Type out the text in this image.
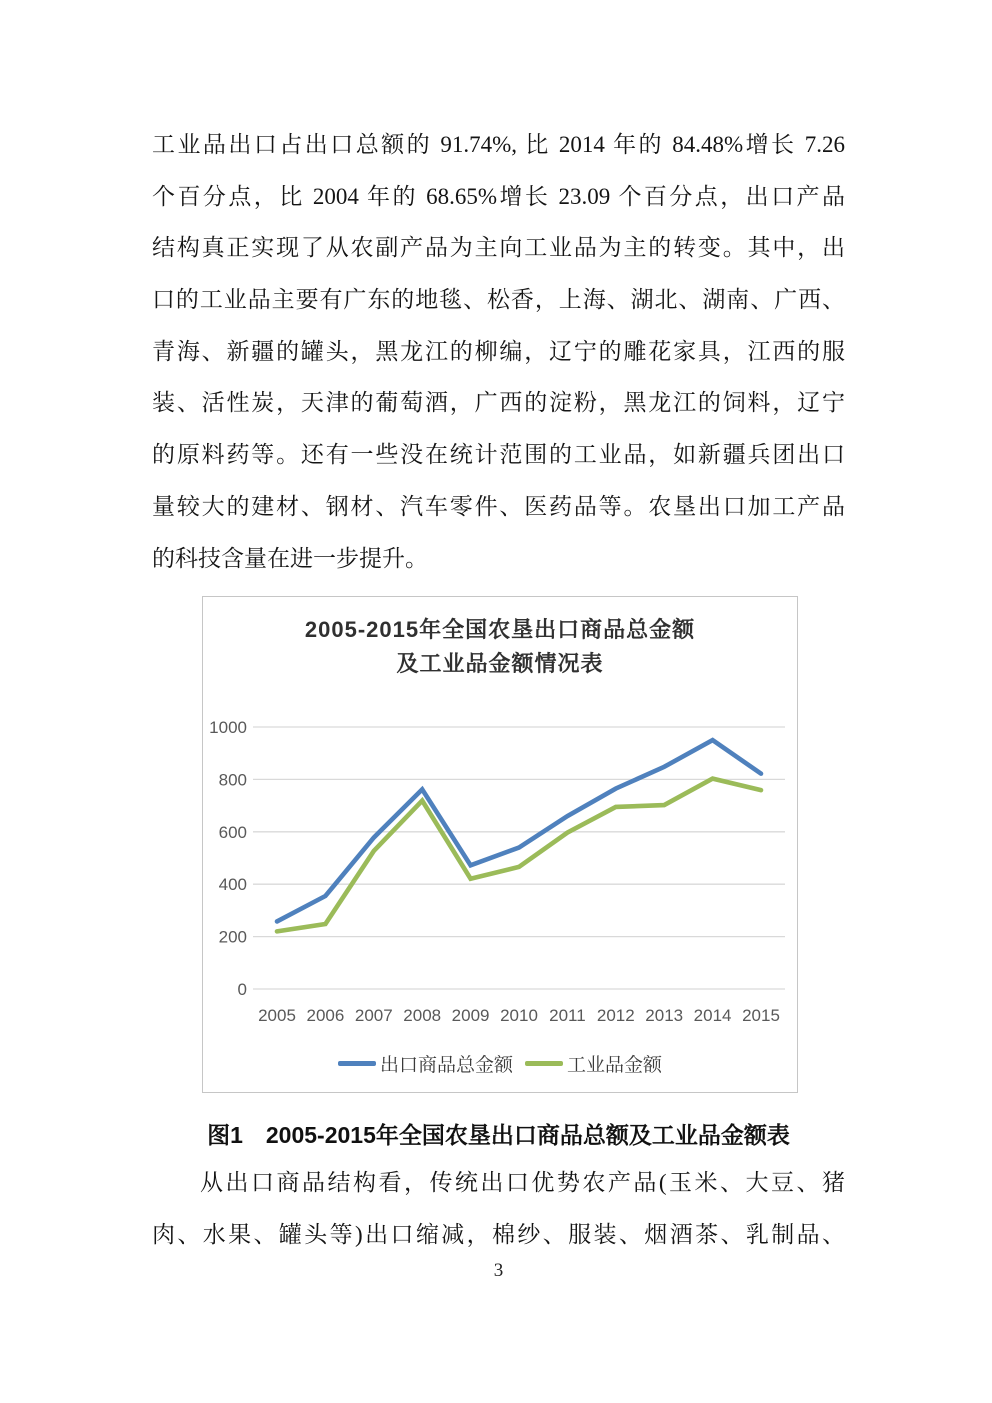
工业品出口占出口总额的 91.74%, 比 2014 年的 84.48%增长 7.26
个百分点，比 2004 年的 68.65%增长 23.09 个百分点，出口产品
结构真正实现了从农副产品为主向工业品为主的转变。其中，出
口的工业品主要有广东的地毯、松香，上海、湖北、湖南、广西、
青海、新疆的罐头，黑龙江的柳编，辽宁的雕花家具，江西的服
装、活性炭，天津的葡萄酒，广西的淀粉，黑龙江的饲料，辽宁
的原料药等。还有一些没在统计范围的工业品，如新疆兵团出口
量较大的建材、钢材、汽车零件、医药品等。农垦出口加工产品
的科技含量在进一步提升。
0
200
400
600
800
1000
2005 2006 2007 2008 2009 2010 2011 2012 2013 2014 2015
2005-2015年全国农垦出口商品总金额
及工业品金额情况表
出口商品总金额	工业品金额
图1　2005-2015年全国农垦出口商品总额及工业品金额表
从出口商品结构看，传统出口优势农产品(玉米、大豆、猪
肉、水果、罐头等)出口缩减，棉纱、服装、烟酒茶、乳制品、
3
